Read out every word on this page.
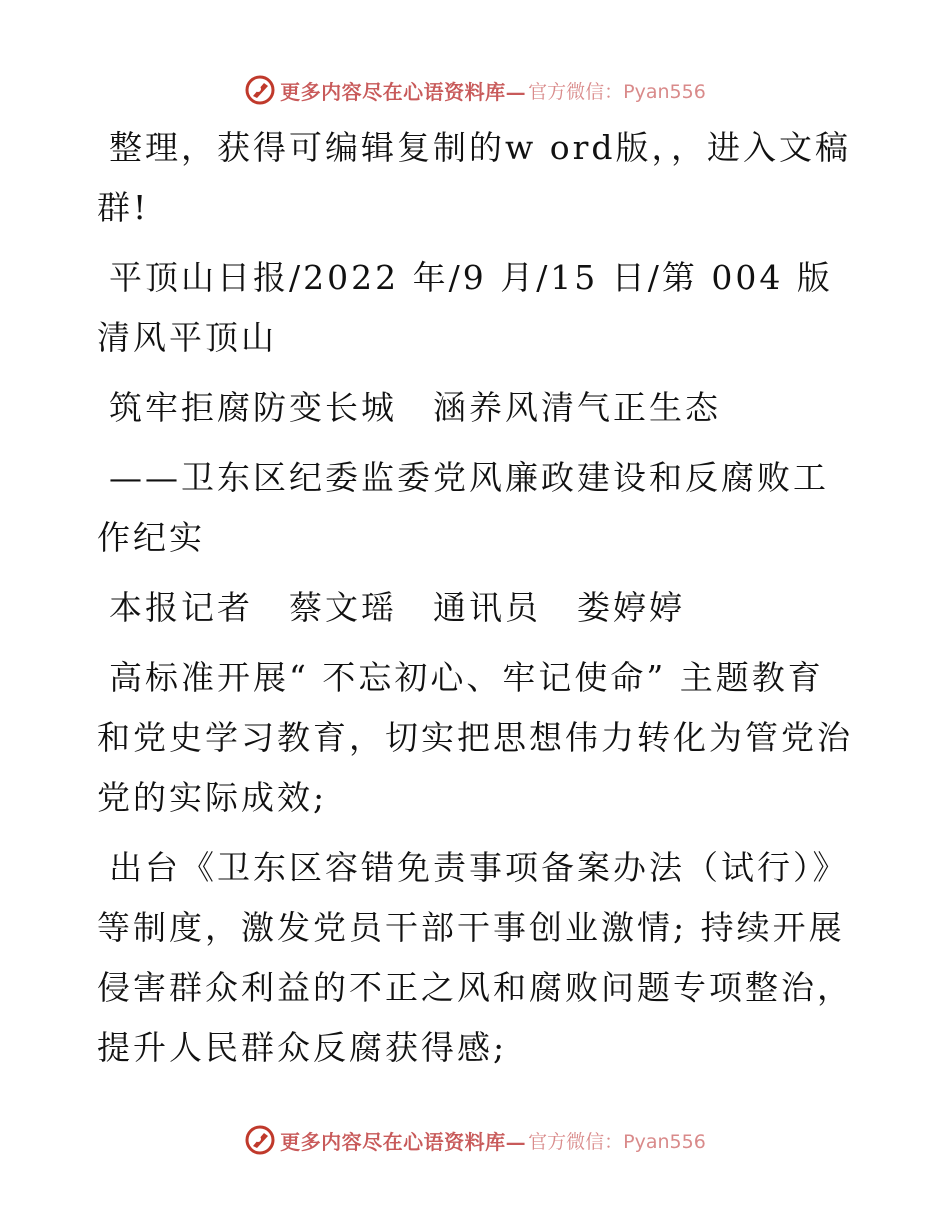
更多内容尽在心语资料库— 官方微信：Pyan556

整理，获得可编辑复制的w ord版，，进入文稿群!

平顶山日报/2022 年/9 月/15 日/第 004 版清风平顶山

筑牢拒腐防变长城　涵养风清气正生态

——卫东区纪委监委党风廉政建设和反腐败工作纪实

本报记者　蔡文瑶　通讯员　娄婷婷

高标准开展“ 不忘初心、牢记使命” 主题教育和党史学习教育，切实把思想伟力转化为管党治党的实际成效;

出台《卫东区容错免责事项备案办法（试行）》等制度，激发党员干部干事创业激情; 持续开展侵害群众利益的不正之风和腐败问题专项整治，提升人民群众反腐获得感;

更多内容尽在心语资料库— 官方微信：Pyan556
